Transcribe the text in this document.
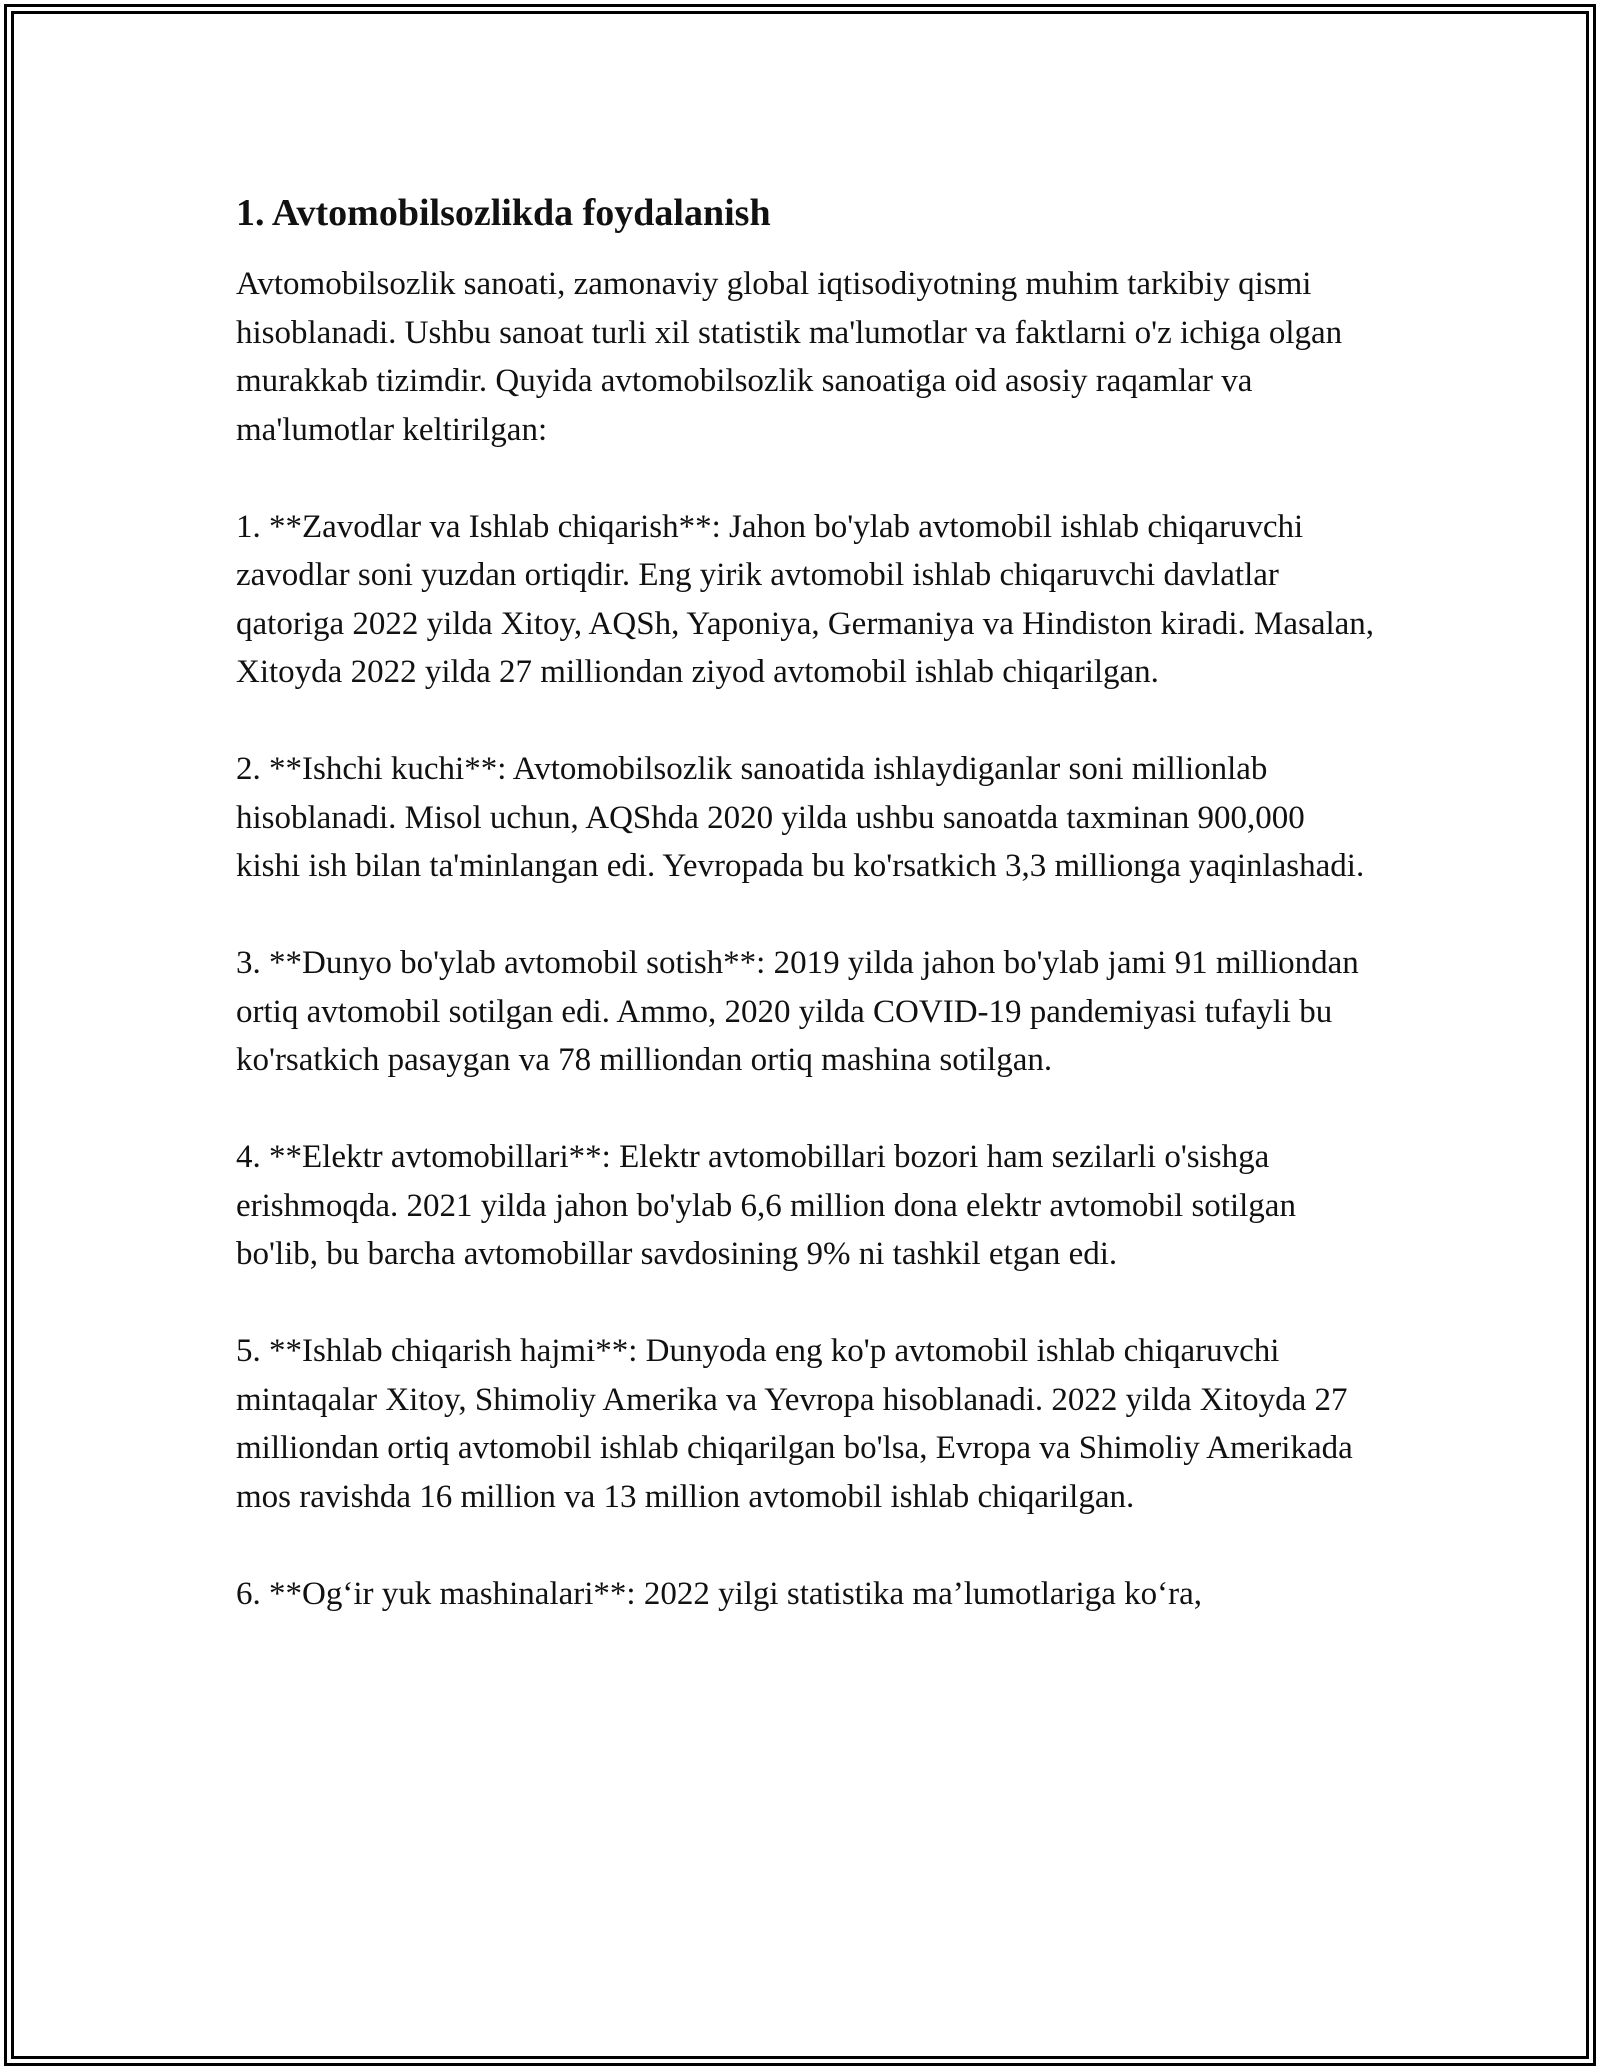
1. Avtomobilsozlikda foydalanish

Avtomobilsozlik sanoati, zamonaviy global iqtisodiyotning muhim tarkibiy qismi hisoblanadi. Ushbu sanoat turli xil statistik ma'lumotlar va faktlarni o'z ichiga olgan murakkab tizimdir. Quyida avtomobilsozlik sanoatiga oid asosiy raqamlar va ma'lumotlar keltirilgan:

1. **Zavodlar va Ishlab chiqarish**: Jahon bo'ylab avtomobil ishlab chiqaruvchi zavodlar soni yuzdan ortiqdir. Eng yirik avtomobil ishlab chiqaruvchi davlatlar qatoriga 2022 yilda Xitoy, AQSh, Yaponiya, Germaniya va Hindiston kiradi. Masalan, Xitoyda 2022 yilda 27 milliondan ziyod avtomobil ishlab chiqarilgan.

2. **Ishchi kuchi**: Avtomobilsozlik sanoatida ishlaydiganlar soni millionlab hisoblanadi. Misol uchun, AQShda 2020 yilda ushbu sanoatda taxminan 900,000 kishi ish bilan ta'minlangan edi. Yevropada bu ko'rsatkich 3,3 millionga yaqinlashadi.

3. **Dunyo bo'ylab avtomobil sotish**: 2019 yilda jahon bo'ylab jami 91 milliondan ortiq avtomobil sotilgan edi. Ammo, 2020 yilda COVID-19 pandemiyasi tufayli bu ko'rsatkich pasaygan va 78 milliondan ortiq mashina sotilgan.

4. **Elektr avtomobillari**: Elektr avtomobillari bozori ham sezilarli o'sishga erishmoqda. 2021 yilda jahon bo'ylab 6,6 million dona elektr avtomobil sotilgan bo'lib, bu barcha avtomobillar savdosining 9% ni tashkil etgan edi.

5. **Ishlab chiqarish hajmi**: Dunyoda eng ko'p avtomobil ishlab chiqaruvchi mintaqalar Xitoy, Shimoliy Amerika va Yevropa hisoblanadi. 2022 yilda Xitoyda 27 milliondan ortiq avtomobil ishlab chiqarilgan bo'lsa, Evropa va Shimoliy Amerikada mos ravishda 16 million va 13 million avtomobil ishlab chiqarilgan.

6. **Og‘ir yuk mashinalari**: 2022 yilgi statistika ma’lumotlariga ko‘ra,
